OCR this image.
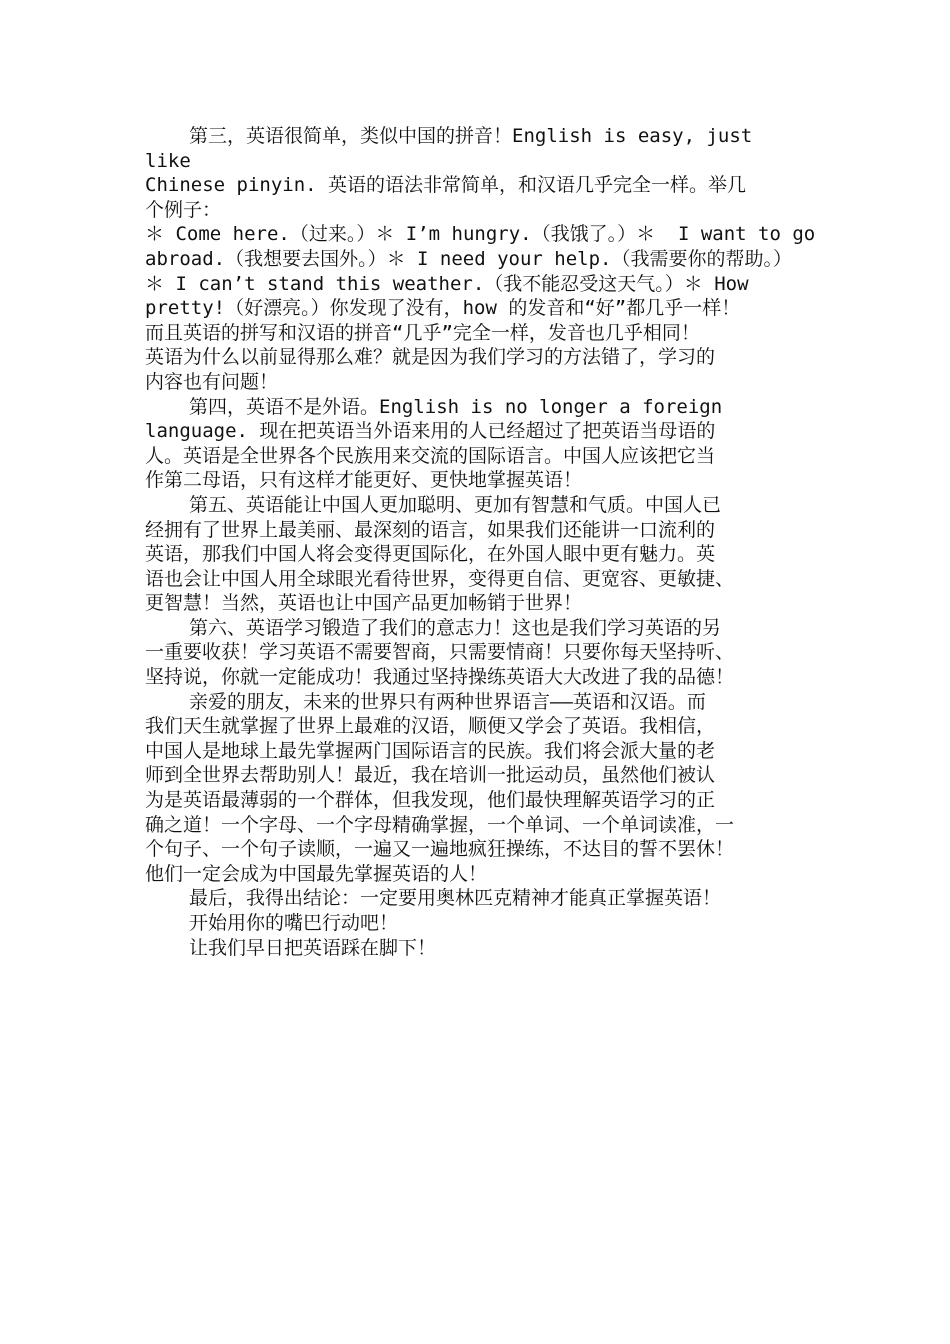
第三，英语很简单，类似中国的拼音！English is easy, just
like
Chinese pinyin. 英语的语法非常简单，和汉语几乎完全一样。举几
个例子：
＊ Come here.（过来。）＊ I’m hungry.（我饿了。）＊  I want to go
abroad.（我想要去国外。）＊ I need your help.（我需要你的帮助。）
＊ I can’t stand this weather.（我不能忍受这天气。）＊ How
pretty!（好漂亮。）你发现了没有，how 的发音和“好”都几乎一样！
而且英语的拼写和汉语的拼音“几乎”完全一样，发音也几乎相同！
英语为什么以前显得那么难？就是因为我们学习的方法错了，学习的
内容也有问题！
第四，英语不是外语。English is no longer a foreign
language. 现在把英语当外语来用的人已经超过了把英语当母语的
人。英语是全世界各个民族用来交流的国际语言。中国人应该把它当
作第二母语，只有这样才能更好、更快地掌握英语！
第五、英语能让中国人更加聪明、更加有智慧和气质。中国人已
经拥有了世界上最美丽、最深刻的语言，如果我们还能讲一口流利的
英语，那我们中国人将会变得更国际化，在外国人眼中更有魅力。英
语也会让中国人用全球眼光看待世界，变得更自信、更宽容、更敏捷、
更智慧！当然，英语也让中国产品更加畅销于世界！
第六、英语学习锻造了我们的意志力！这也是我们学习英语的另
一重要收获！学习英语不需要智商，只需要情商！只要你每天坚持听、
坚持说，你就一定能成功！我通过坚持操练英语大大改进了我的品德！
亲爱的朋友，未来的世界只有两种世界语言——英语和汉语。而
我们天生就掌握了世界上最难的汉语，顺便又学会了英语。我相信，
中国人是地球上最先掌握两门国际语言的民族。我们将会派大量的老
师到全世界去帮助别人！最近，我在培训一批运动员，虽然他们被认
为是英语最薄弱的一个群体，但我发现，他们最快理解英语学习的正
确之道！一个字母、一个字母精确掌握，一个单词、一个单词读准，一
个句子、一个句子读顺，一遍又一遍地疯狂操练，不达目的誓不罢休！
他们一定会成为中国最先掌握英语的人！
最后，我得出结论：一定要用奥林匹克精神才能真正掌握英语！
开始用你的嘴巴行动吧！
让我们早日把英语踩在脚下！
